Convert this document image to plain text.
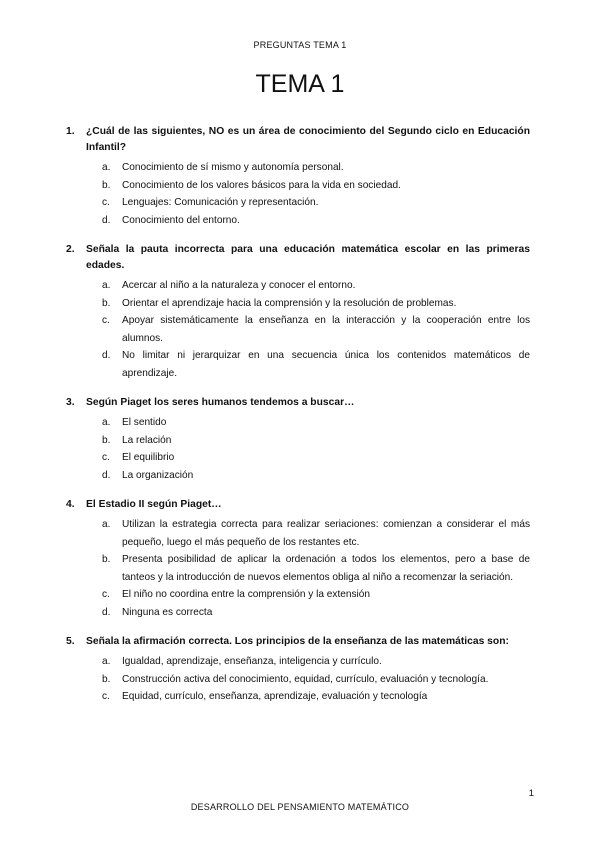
PREGUNTAS TEMA 1
TEMA 1
1.	¿Cuál de las siguientes, NO es un área de conocimiento del Segundo ciclo en Educación Infantil?
a.	Conocimiento de sí mismo y autonomía personal.
b.	Conocimiento de los valores básicos para la vida en sociedad.
c.	Lenguajes: Comunicación y representación.
d.	Conocimiento del entorno.
2.	Señala la pauta incorrecta para una educación matemática escolar en las primeras edades.
a.	Acercar al niño a la naturaleza y conocer el entorno.
b.	Orientar el aprendizaje hacia la comprensión y la resolución de problemas.
c.	Apoyar sistemáticamente la enseñanza en la interacción y la cooperación entre los alumnos.
d.	No limitar ni jerarquizar en una secuencia única los contenidos matemáticos de aprendizaje.
3.	Según Piaget los seres humanos tendemos a buscar…
a.	El sentido
b.	La relación
c.	El equilibrio
d.	La organización
4.	El Estadio II según Piaget…
a.	Utilizan la estrategia correcta para realizar seriaciones: comienzan a considerar el más pequeño, luego el más pequeño de los restantes etc.
b.	Presenta posibilidad de aplicar la ordenación a todos los elementos, pero a base de tanteos y la introducción de nuevos elementos obliga al niño a recomenzar la seriación.
c.	El niño no coordina entre la comprensión y la extensión
d.	Ninguna es correcta
5.	Señala la afirmación correcta. Los principios de la enseñanza de las matemáticas son:
a.	Igualdad, aprendizaje, enseñanza, inteligencia y currículo.
b.	Construcción activa del conocimiento, equidad, currículo, evaluación y tecnología.
c.	Equidad, currículo, enseñanza, aprendizaje, evaluación y tecnología
1
DESARROLLO DEL PENSAMIENTO MATEMÁTICO
